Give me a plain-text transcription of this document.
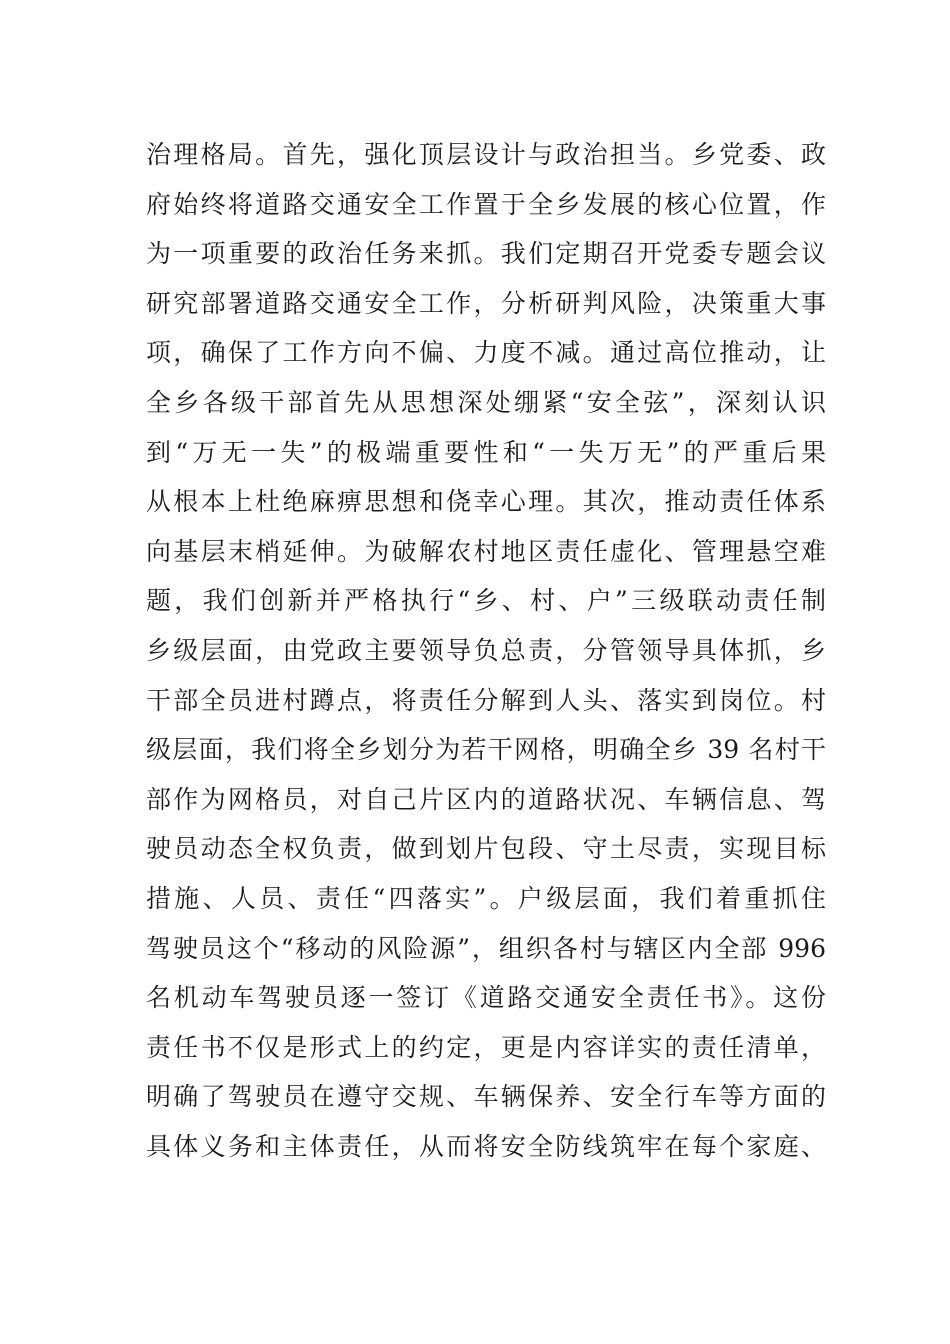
治理格局。首先，强化顶层设计与政治担当。乡党委、政
府始终将道路交通安全工作置于全乡发展的核心位置，作
为一项重要的政治任务来抓。我们定期召开党委专题会议
研究部署道路交通安全工作，分析研判风险，决策重大事
项，确保了工作方向不偏、力度不减。通过高位推动，让
全乡各级干部首先从思想深处绷紧“安全弦”，深刻认识
到“万无一失”的极端重要性和“一失万无”的严重后果
从根本上杜绝麻痹思想和侥幸心理。其次，推动责任体系
向基层末梢延伸。为破解农村地区责任虚化、管理悬空难
题，我们创新并严格执行“乡、村、户”三级联动责任制
乡级层面，由党政主要领导负总责，分管领导具体抓，乡
干部全员进村蹲点，将责任分解到人头、落实到岗位。村
级层面，我们将全乡划分为若干网格，明确全乡 39 名村干
部作为网格员，对自己片区内的道路状况、车辆信息、驾
驶员动态全权负责，做到划片包段、守土尽责，实现目标
措施、人员、责任“四落实”。户级层面，我们着重抓住
驾驶员这个“移动的风险源”，组织各村与辖区内全部 996
名机动车驾驶员逐一签订《道路交通安全责任书》。这份
责任书不仅是形式上的约定，更是内容详实的责任清单，
明确了驾驶员在遵守交规、车辆保养、安全行车等方面的
具体义务和主体责任，从而将安全防线筑牢在每个家庭、
